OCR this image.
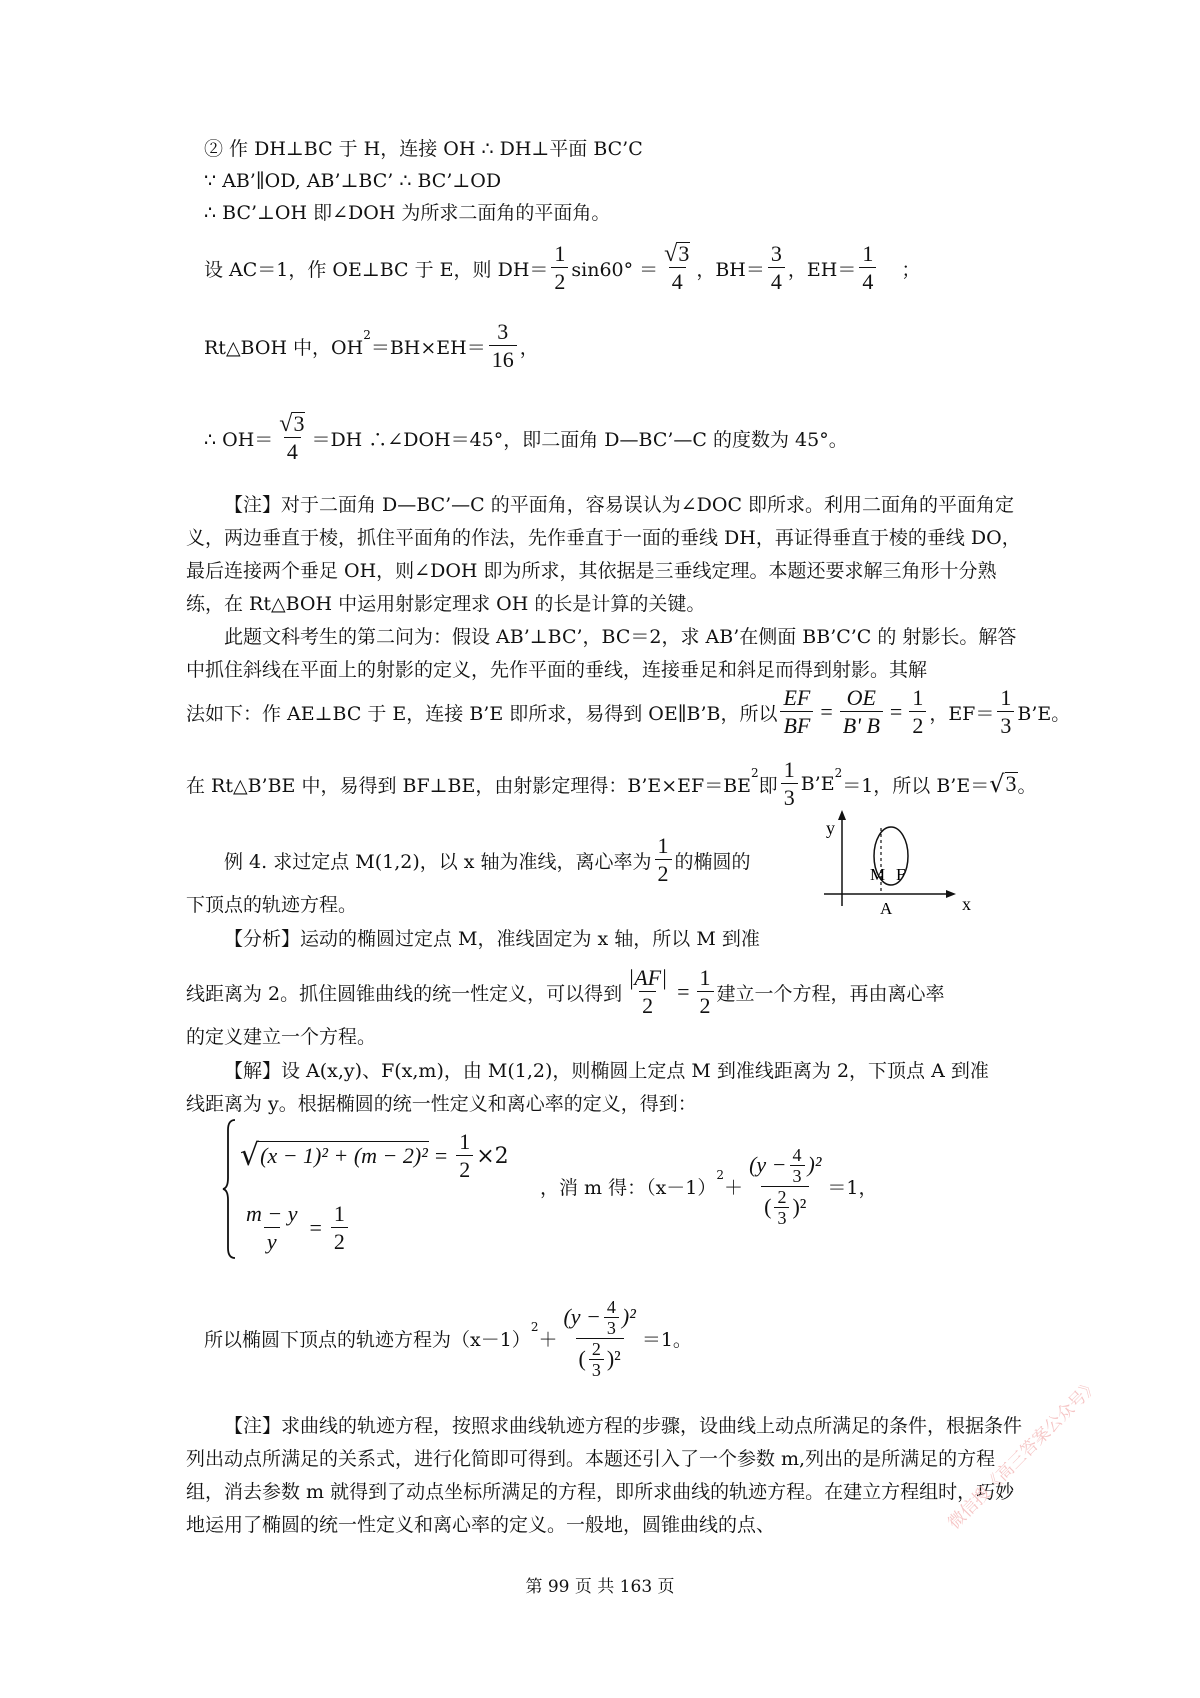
② 作 DH⊥BC 于 H，连接 OH ∴ DH⊥平面 BC’C
∵ AB’∥OD, AB’⊥BC’ ∴ BC’⊥OD
∴ BC’⊥OH 即∠DOH 为所求二面角的平面角。
设 AC＝1，作 OE⊥BC 于 E，则 $DH= \frac{1}{2} \sin 60^\circ = \frac{√ 3}{4}$ ，$BH= \frac{3}{4}$ ，$EH= \frac{1}{4}$ ；
Rt△BOH 中，OH
$^2$
$=BH\times EH= \frac{3}{16}$ ，
∴ $OH= \frac{√ 3}{4} =DH$ ∴∠DOH＝45°，即二面角 D—BC’—C 的度数为 45°。
【注】对于二面角 D—BC’—C 的平面角，容易误认为∠DOC 即所求。利用二面角的平面角定义，两边垂直于棱，抓住平面角的作法，先作垂直于一面的垂线 DH，再证得垂直于棱的垂线 DO，最后连接两个垂足 OH，则∠DOH 即为所求，其依据是三垂线定理。本题还要求解三角形十分熟练，在 Rt△BOH 中运用射影定理求 OH 的长是计算的关键。
此题文科考生的第二问为：假设 AB’⊥BC’，BC＝2，求 AB’在侧面 BB’C’C 的 射影长。解答中抓住斜线在平面上的射影的定义，先作平面的垂线，连接垂足和斜足而得到射影。其解
法如下：作 AE⊥BC 于 E，连接 B’E 即所求，易得到 OE∥B’B，所以 $\frac{EF}{BF} = \frac{OE}{B' B} = \frac{1}{2}$ ，$EF= \frac{1}{3}$ B’E。
在 Rt△B’BE 中，易得到 BF⊥BE，由射影定理得：B’E×EF＝BE
$^2$
即 $\frac{1}{3}$ $B’E^2$
＝1，所以 B’E＝ √ 3 。
例 4. 求过定点 M(1,2)，以 x 轴为准线，离心率为 $\frac{1}{2}$ 的椭圆的
下顶点的轨迹方程。
【分析】运动的椭圆过定点 M，准线固定为 x 轴，所以 M 到准
线距离为 2。抓住圆锥曲线的统一性定义，可以得到 $\frac{|AF|}{2} = \frac{1}{2}$ 建立一个方程，再由离心率
的定义建立一个方程。
【解】设 A(x,y)、F(x,m)，由 M(1,2)，则椭圆上定点 M 到准线距离为 2，下顶点 A 到准
线距离为 y。根据椭圆的统一性定义和离心率的定义，得到：
√ $(x - 1)^2 + (m - 2)^2 = \frac{1}{2} \times 2$
$\frac{m - y}{y} = \frac{1}{2}$
，消 m 得：（x－1）
$^2$
＋ $\frac{(y - \frac{4}{3} )^2}{( \frac{2}{3} )^2} =1$，
所以椭圆下顶点的轨迹方程为（x－1）
$^2$
＋ $\frac{(y - \frac{4}{3} )^2}{( \frac{2}{3} )^2} =1$。
【注】求曲线的轨迹方程，按照求曲线轨迹方程的步骤，设曲线上动点所满足的条件，根据条件列出动点所满足的关系式，进行化简即可得到。本题还引入了一个参数 m,列出的是所满足的方程组，消去参数 m 就得到了动点坐标所满足的方程，即所求曲线的轨迹方程。在建立方程组时，巧妙地运用了椭圆的统一性定义和离心率的定义。一般地，圆锥曲线的点、
y
x
M F
A
第 99 页 共 163 页
微信搜《高三答案公众号》
